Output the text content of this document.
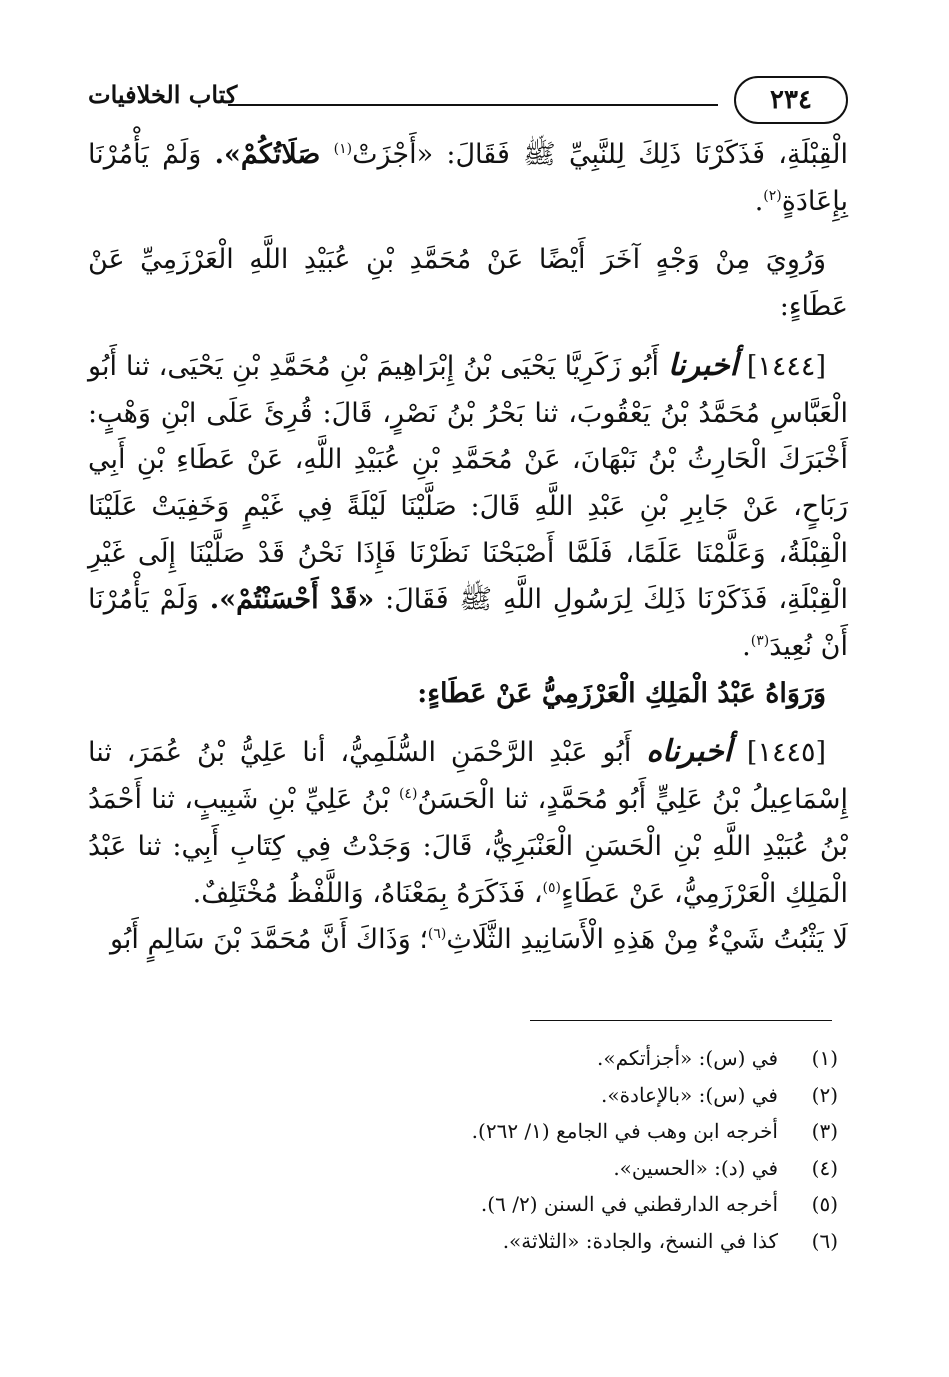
كتاب الخلافيات	٢٣٤

الْقِبْلَةِ، فَذَكَرْنَا ذَلِكَ لِلنَّبِيِّ ﷺ فَقَالَ: «أَجْزَتْ$^{(١)}$ صَلَاتُكُمْ». وَلَمْ يَأْمُرْنَا بِإِعَادَةٍ$^{(٢)}$.

وَرُوِيَ مِنْ وَجْهٍ آخَرَ أَيْضًا عَنْ مُحَمَّدِ بْنِ عُبَيْدِ اللَّهِ الْعَرْزَمِيِّ عَنْ عَطَاءٍ:

[١٤٤٤] أخبرنا أَبُو زَكَرِيَّا يَحْيَى بْنُ إِبْرَاهِيمَ بْنِ مُحَمَّدِ بْنِ يَحْيَى، ثنا أَبُو الْعَبَّاسِ مُحَمَّدُ بْنُ يَعْقُوبَ، ثنا بَحْرُ بْنُ نَصْرٍ، قَالَ: قُرِئَ عَلَى ابْنِ وَهْبٍ: أَخْبَرَكَ الْحَارِثُ بْنُ نَبْهَانَ، عَنْ مُحَمَّدِ بْنِ عُبَيْدِ اللَّهِ، عَنْ عَطَاءِ بْنِ أَبِي رَبَاحٍ، عَنْ جَابِرِ بْنِ عَبْدِ اللَّهِ قَالَ: صَلَّيْنَا لَيْلَةً فِي غَيْمٍ وَخَفِيَتْ عَلَيْنَا الْقِبْلَةُ، وَعَلَّمْنَا عَلَمًا، فَلَمَّا أَصْبَحْنَا نَظَرْنَا فَإِذَا نَحْنُ قَدْ صَلَّيْنَا إِلَى غَيْرِ الْقِبْلَةِ، فَذَكَرْنَا ذَلِكَ لِرَسُولِ اللَّهِ ﷺ فَقَالَ: «قَدْ أَحْسَنْتُمْ». وَلَمْ يَأْمُرْنَا أَنْ نُعِيدَ$^{(٣)}$.

وَرَوَاهُ عَبْدُ الْمَلِكِ الْعَرْزَمِيُّ عَنْ عَطَاءٍ:

[١٤٤٥] أخبرناه أَبُو عَبْدِ الرَّحْمَنِ السُّلَمِيُّ، أنا عَلِيُّ بْنُ عُمَرَ، ثنا إِسْمَاعِيلُ بْنُ عَلِيٍّ أَبُو مُحَمَّدٍ، ثنا الْحَسَنُ$^{(٤)}$ بْنُ عَلِيِّ بْنِ شَبِيبٍ، ثنا أَحْمَدُ بْنُ عُبَيْدِ اللَّهِ بْنِ الْحَسَنِ الْعَنْبَرِيُّ، قَالَ: وَجَدْتُ فِي كِتَابِ أَبِي: ثنا عَبْدُ الْمَلِكِ الْعَرْزَمِيُّ، عَنْ عَطَاءٍ$^{(٥)}$، فَذَكَرَهُ بِمَعْنَاهُ، وَاللَّفْظُ مُخْتَلِفٌ.

لَا يَثْبُتُ شَيْءٌ مِنْ هَذِهِ الْأَسَانِيدِ الثَّلَاثِ$^{(٦)}$؛ وَذَاكَ أَنَّ مُحَمَّدَ بْنَ سَالِمٍ أَبُو

(١)
في (س): «أجزأتكم».
(٢)
في (س): «بالإعادة».
(٣)
أخرجه ابن وهب في الجامع (١/ ٢٦٢).
(٤)
في (د): «الحسين».
(٥)
أخرجه الدارقطني في السنن (٢/ ٦).
(٦)
كذا في النسخ، والجادة: «الثلاثة».
